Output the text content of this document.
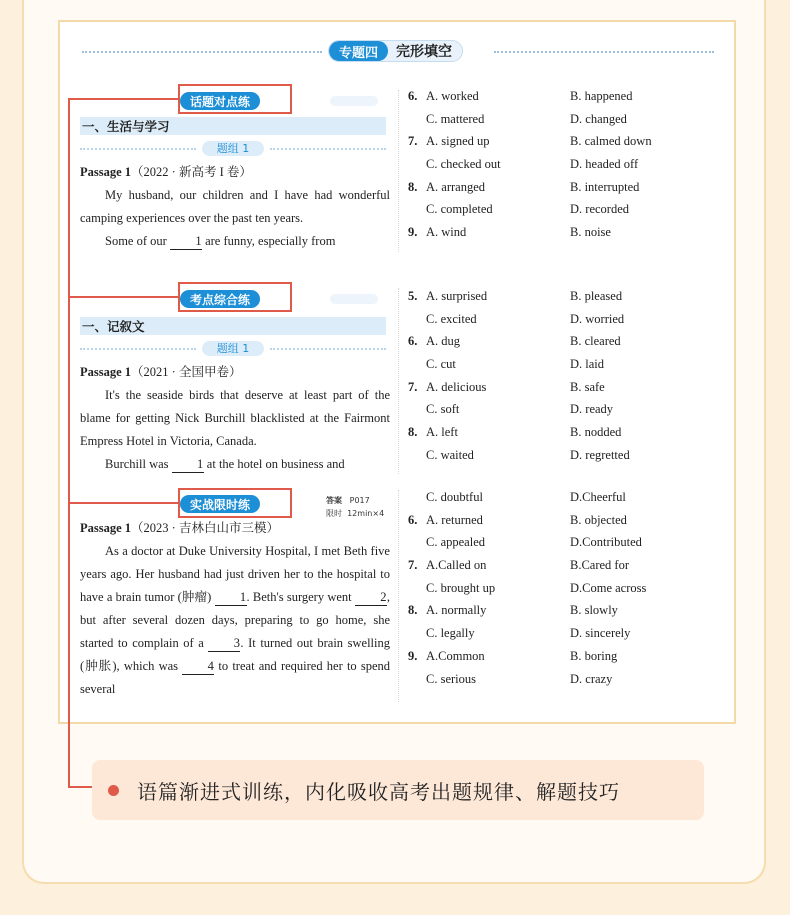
专题四	完形填空
话题对点练
一、生活与学习
题组 1
Passage 1（2022 · 新高考 I 卷）
My husband, our children and I have had wonderful camping experiences over the past ten years.
Some of our 1 are funny, especially from
6. A. worked	B. happened
C. mattered	D. changed
7. A. signed up	B. calmed down
C. checked out	D. headed off
8. A. arranged	B. interrupted
C. completed	D. recorded
9. A. wind	B. noise
考点综合练
一、记叙文
题组 1
Passage 1（2021 · 全国甲卷）
It's the seaside birds that deserve at least part of the blame for getting Nick Burchill blacklisted at the Fairmont Empress Hotel in Victoria, Canada.
Burchill was 1 at the hotel on business and
5. A. surprised	B. pleased
C. excited	D. worried
6. A. dug	B. cleared
C. cut	D. laid
7. A. delicious	B. safe
C. soft	D. ready
8. A. left	B. nodded
C. waited	D. regretted
实战限时练	答案 P017
限时 12min×4
Passage 1（2023 · 吉林白山市三模）
As a doctor at Duke University Hospital, I met Beth five years ago. Her husband had just driven her to the hospital to have a brain tumor (肿瘤) 1. Beth's surgery went 2, but after several dozen days, preparing to go home, she started to complain of a 3. It turned out brain swelling (肿胀), which was 4 to treat and required her to spend several
C. doubtful	D.Cheerful
6. A. returned	B. objected
C. appealed	D.Contributed
7. A.Called on	B.Cared for
C. brought up	D.Come across
8. A. normally	B. slowly
C. legally	D. sincerely
9. A.Common	B. boring
C. serious	D. crazy
语篇渐进式训练，内化吸收高考出题规律、解题技巧
